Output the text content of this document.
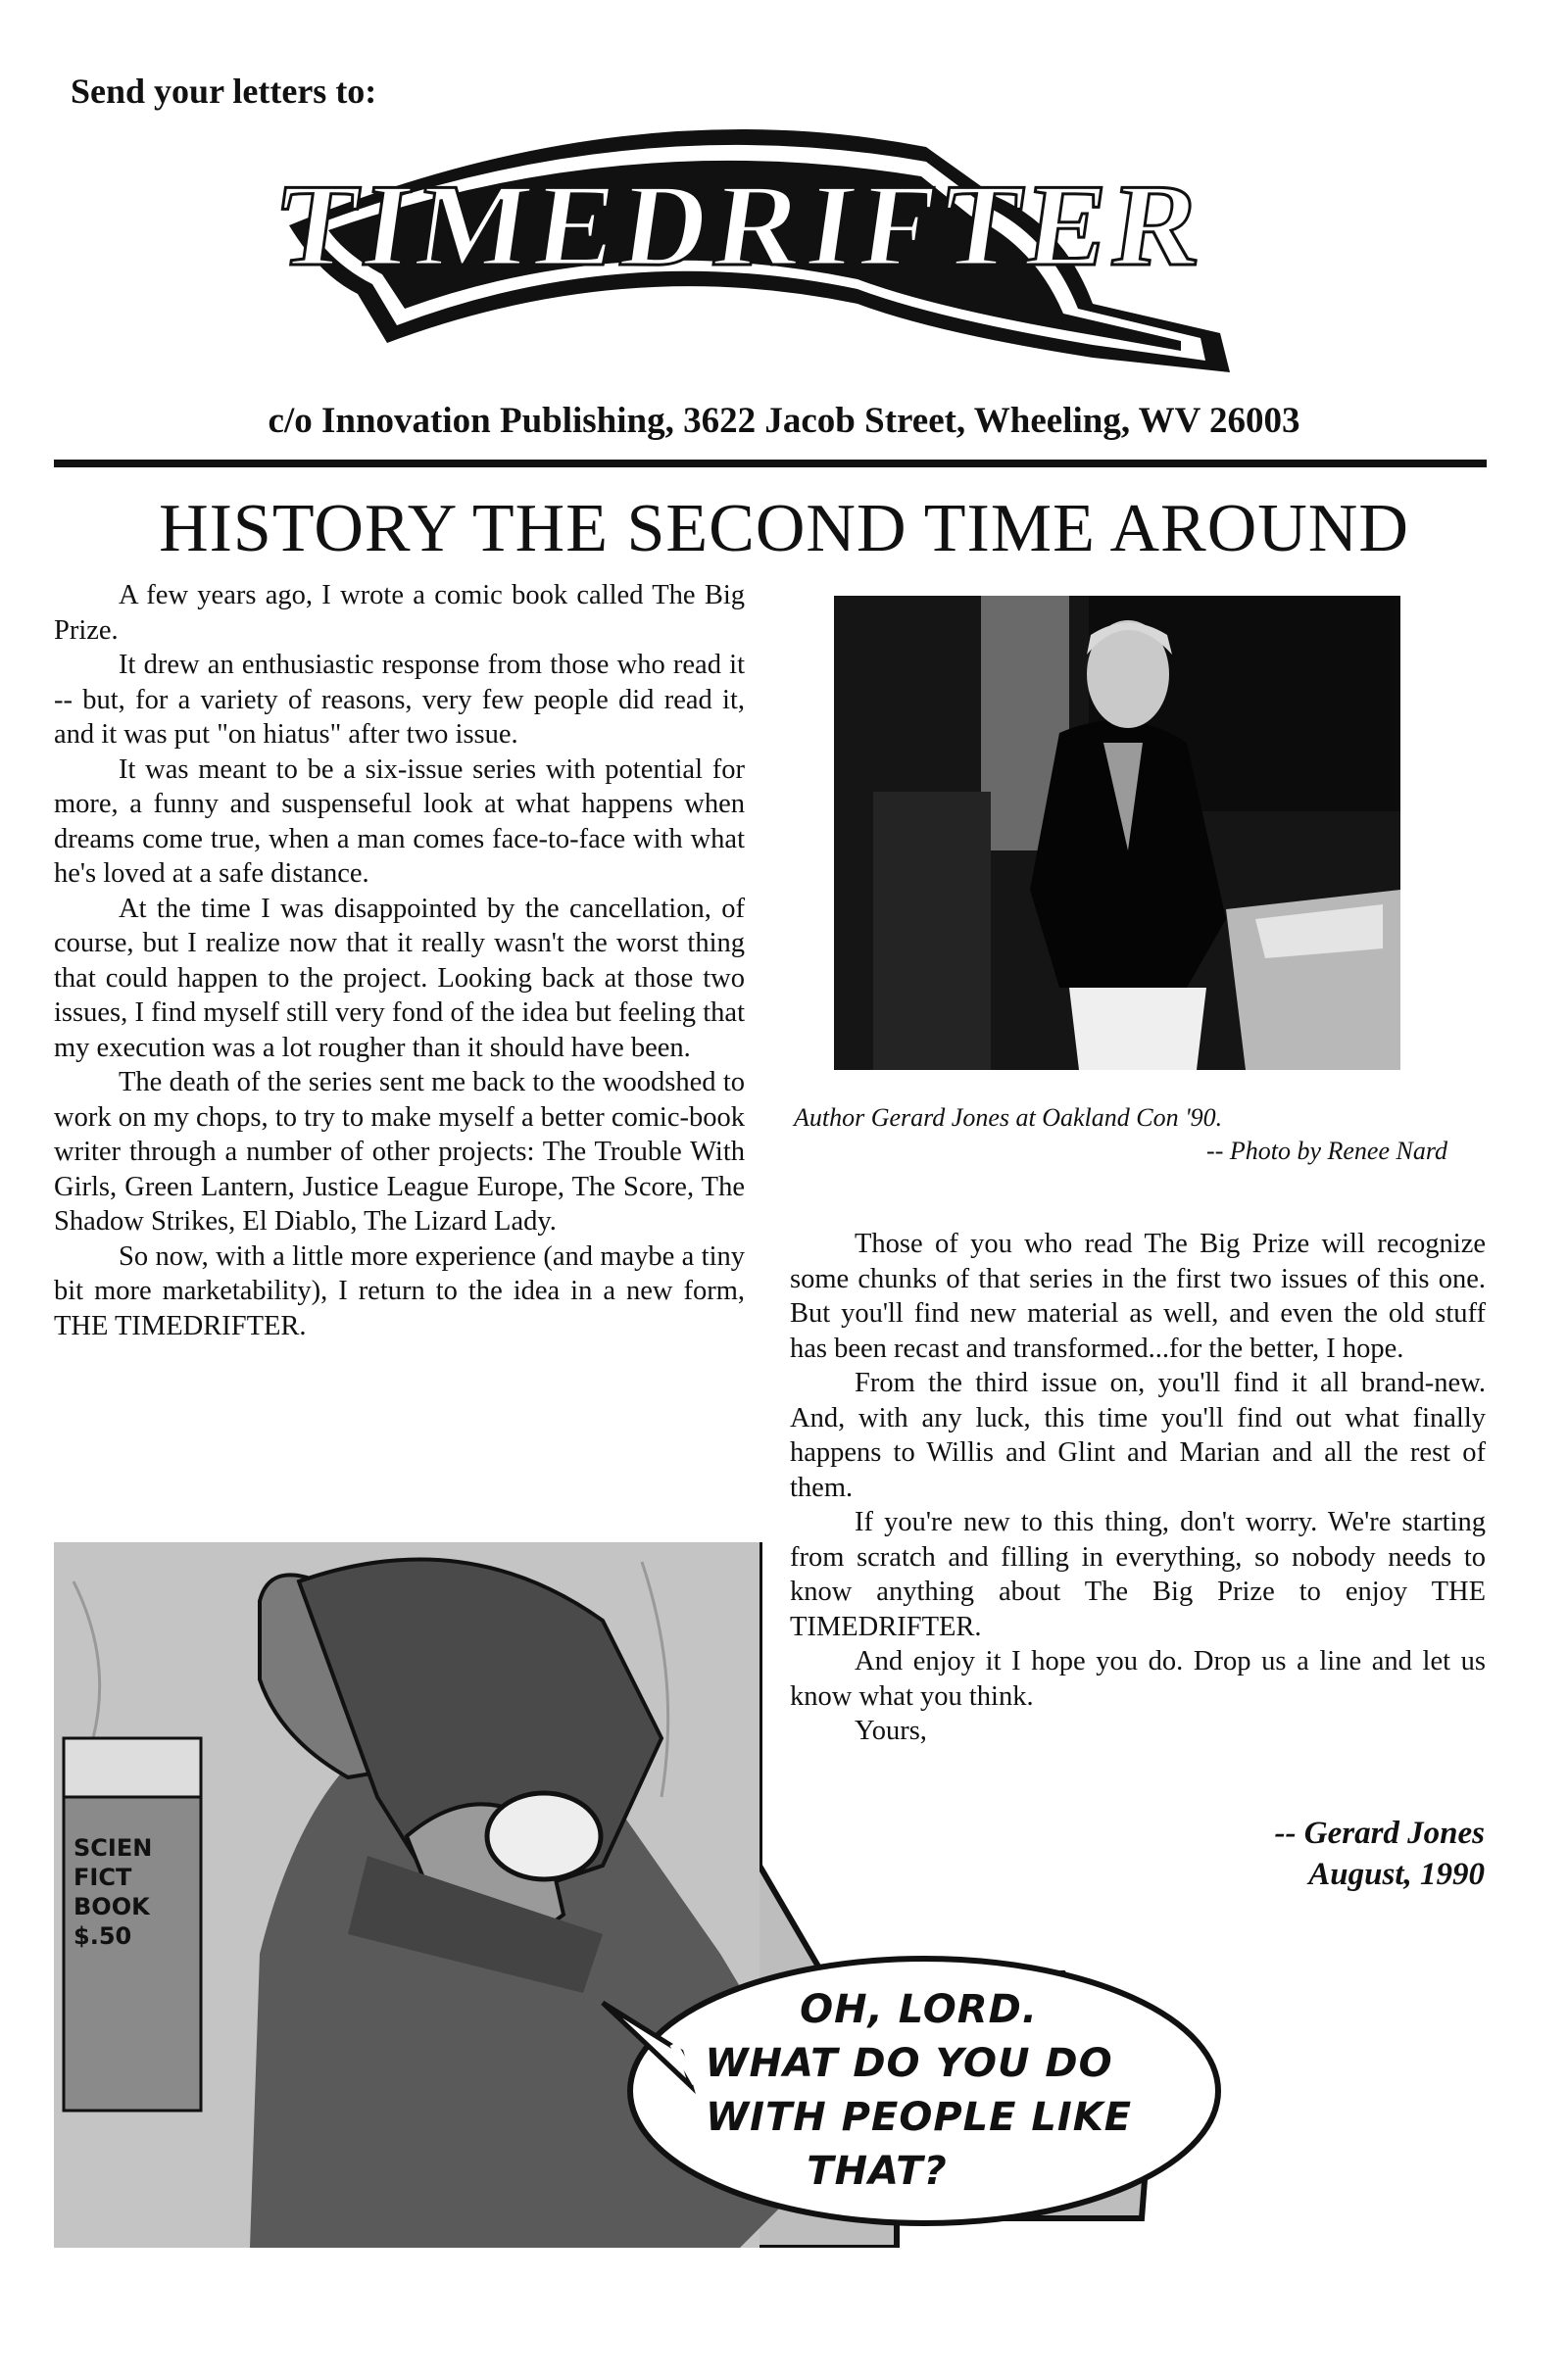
Send your letters to:
TIMEDRIFTER
c/o Innovation Publishing, 3622 Jacob Street, Wheeling, WV 26003
HISTORY THE SECOND TIME AROUND

A few years ago, I wrote a comic book called The Big Prize.

It drew an enthusiastic response from those who read it -- but, for a variety of reasons, very few people did read it, and it was put "on hiatus" after two issue.

It was meant to be a six-issue series with potential for more, a funny and suspenseful look at what happens when dreams come true, when a man comes face-to-face with what he's loved at a safe distance.

At the time I was disappointed by the cancellation, of course, but I realize now that it really wasn't the worst thing that could happen to the project. Looking back at those two issues, I find myself still very fond of the idea but feeling that my execution was a lot rougher than it should have been.

The death of the series sent me back to the woodshed to work on my chops, to try to make myself a better comic-book writer through a number of other projects: The Trouble With Girls, Green Lantern, Justice League Europe, The Score, The Shadow Strikes, El Diablo, The Lizard Lady.

So now, with a little more experience (and maybe a tiny bit more marketability), I return to the idea in a new form, THE TIMEDRIFTER.

Author Gerard Jones at Oakland Con '90.
-- Photo by Renee Nard
SCIEN
FICT
BOOK
$.50
OH, LORD. WHAT DO YOU DO WITH PEOPLE LIKE THAT?

Those of you who read The Big Prize will recognize some chunks of that series in the first two issues of this one. But you'll find new material as well, and even the old stuff has been recast and transformed...for the better, I hope.

From the third issue on, you'll find it all brand-new. And, with any luck, this time you'll find out what finally happens to Willis and Glint and Marian and all the rest of them.

If you're new to this thing, don't worry. We're starting from scratch and filling in everything, so nobody needs to know anything about The Big Prize to enjoy THE TIMEDRIFTER.

And enjoy it I hope you do. Drop us a line and let us know what you think.

Yours,

-- Gerard Jones
August, 1990
